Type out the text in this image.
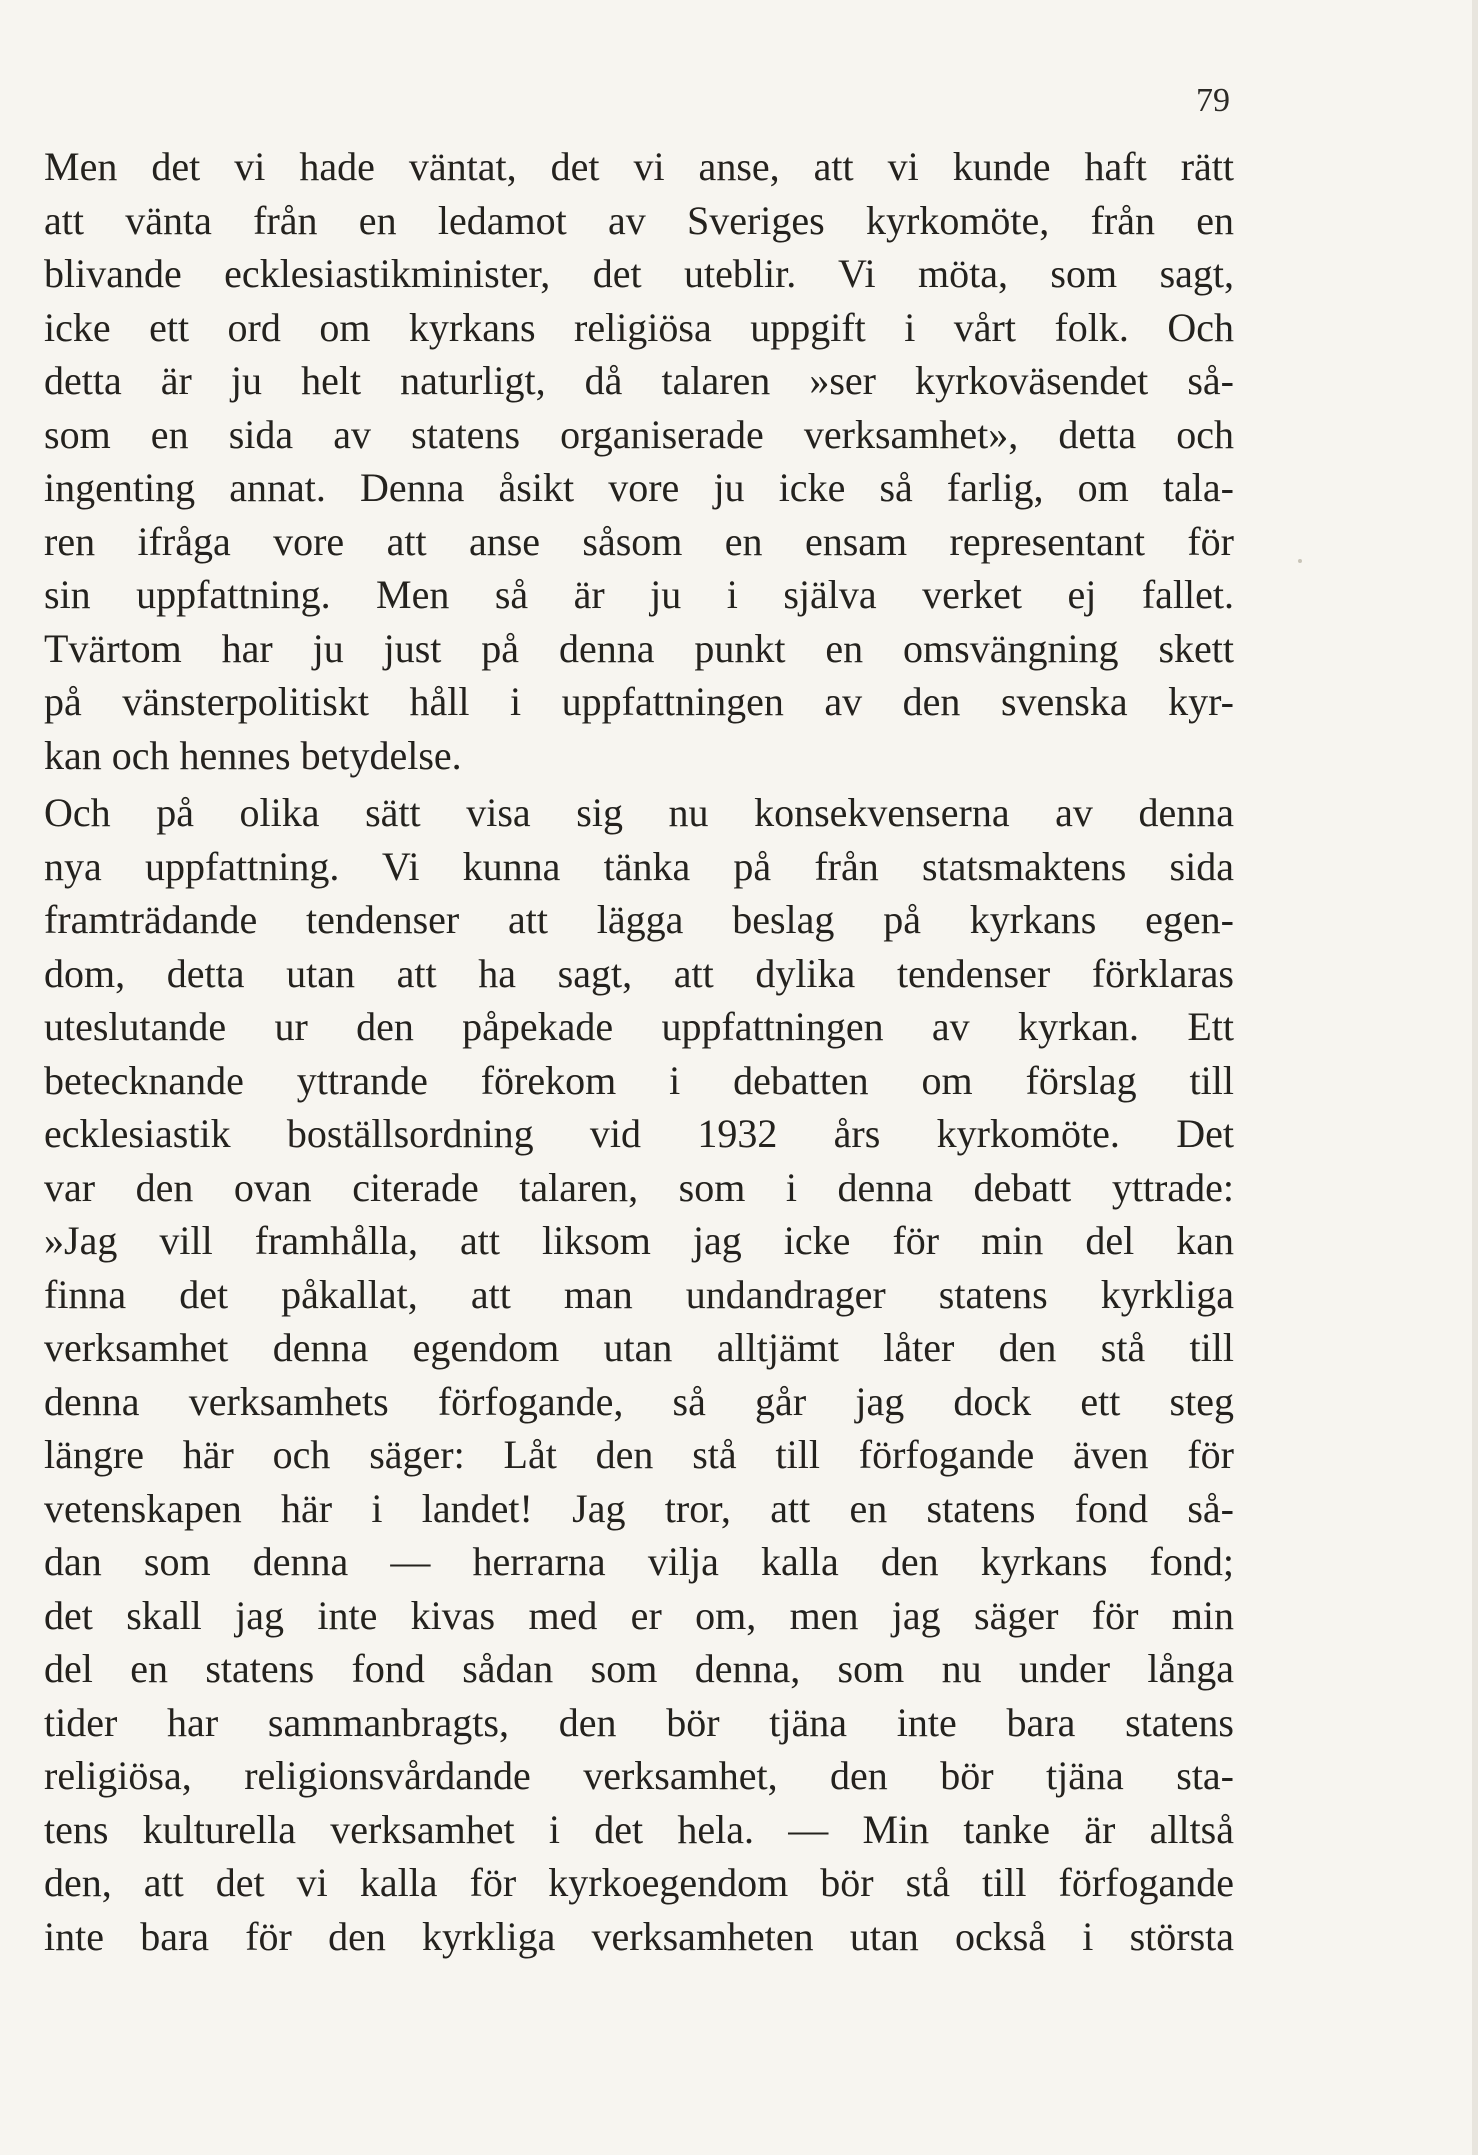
79
Men det vi hade väntat, det vi anse, att vi kunde haft rätt
att vänta från en ledamot av Sveriges kyrkomöte, från en
blivande ecklesiastikminister, det uteblir. Vi möta, som sagt,
icke ett ord om kyrkans religiösa uppgift i vårt folk. Och
detta är ju helt naturligt, då talaren »ser kyrkoväsendet så-
som en sida av statens organiserade verksamhet», detta och
ingenting annat. Denna åsikt vore ju icke så farlig, om tala-
ren ifråga vore att anse såsom en ensam representant för
sin uppfattning. Men så är ju i själva verket ej fallet.
Tvärtom har ju just på denna punkt en omsvängning skett
på vänsterpolitiskt håll i uppfattningen av den svenska kyr-
kan och hennes betydelse.
Och på olika sätt visa sig nu konsekvenserna av denna
nya uppfattning. Vi kunna tänka på från statsmaktens sida
framträdande tendenser att lägga beslag på kyrkans egen-
dom, detta utan att ha sagt, att dylika tendenser förklaras
uteslutande ur den påpekade uppfattningen av kyrkan. Ett
betecknande yttrande förekom i debatten om förslag till
ecklesiastik boställsordning vid 1932 års kyrkomöte. Det
var den ovan citerade talaren, som i denna debatt yttrade:
»Jag vill framhålla, att liksom jag icke för min del kan
finna det påkallat, att man undandrager statens kyrkliga
verksamhet denna egendom utan alltjämt låter den stå till
denna verksamhets förfogande, så går jag dock ett steg
längre här och säger: Låt den stå till förfogande även för
vetenskapen här i landet! Jag tror, att en statens fond så-
dan som denna — herrarna vilja kalla den kyrkans fond;
det skall jag inte kivas med er om, men jag säger för min
del en statens fond sådan som denna, som nu under långa
tider har sammanbragts, den bör tjäna inte bara statens
religiösa, religionsvårdande verksamhet, den bör tjäna sta-
tens kulturella verksamhet i det hela. — Min tanke är alltså
den, att det vi kalla för kyrkoegendom bör stå till förfogande
inte bara för den kyrkliga verksamheten utan också i största
